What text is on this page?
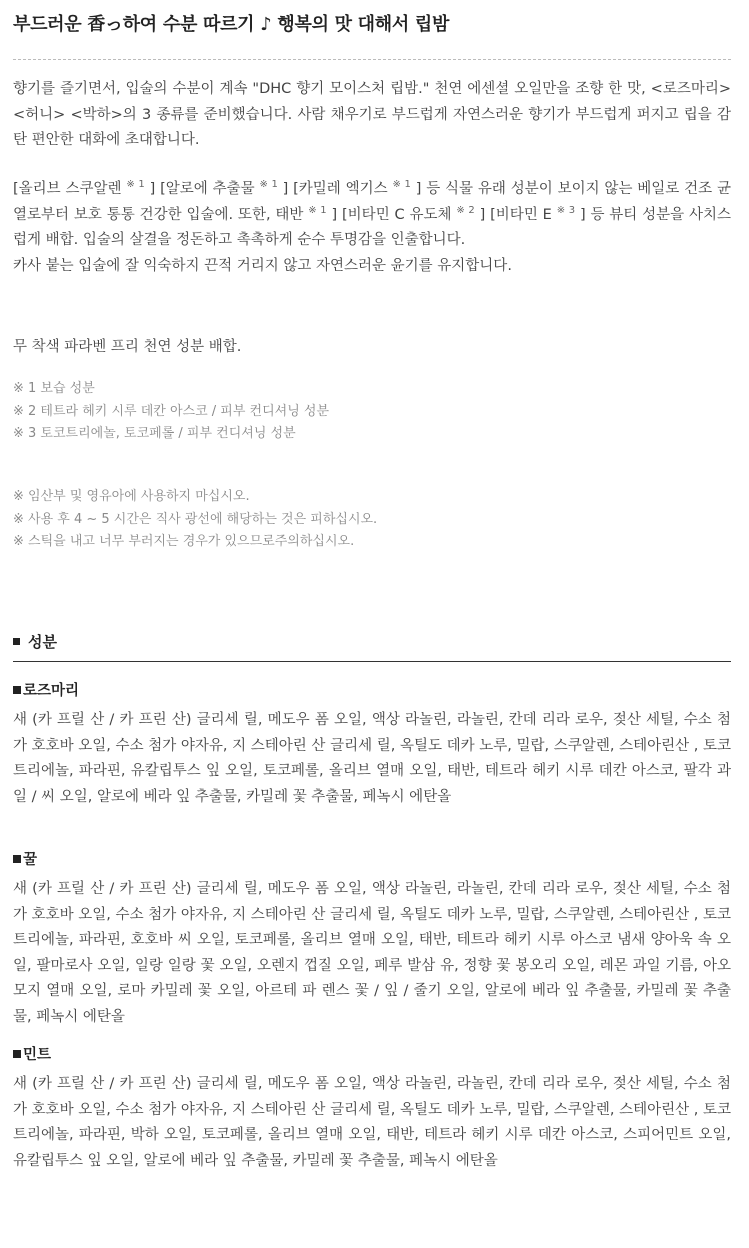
부드러운 香っ하여 수분 따르기 ♪ 행복의 맛 대해서 립밤

향기를 즐기면서, 입술의 수분이 계속 "DHC 향기 모이스처 립밤." 천연 에센셜 오일만을 조향 한 맛, <로즈마리> <허니> <박하>의 3 종류를 준비했습니다. 사람 채우기로 부드럽게 자연스러운 향기가 부드럽게 퍼지고 립을 감탄 편안한 대화에 초대합니다.

[올리브 스쿠알렌 $^{※ 1}$ ] [알로에 추출물 $^{※ 1}$ ] [카밀레 엑기스 $^{※ 1}$ ] 등 식물 유래 성분이 보이지 않는 베일로 건조 균열로부터 보호 통통 건강한 입술에. 또한, 태반 $^{※ 1}$ ] [비타민 C 유도체 $^{※ 2}$ ] [비타민 E $^{※ 3}$ ] 등 뷰티 성분을 사치스럽게 배합. 입술의 살결을 정돈하고 촉촉하게 순수 투명감을 인출합니다.

카사 붙는 입술에 잘 익숙하지 끈적 거리지 않고 자연스러운 윤기를 유지합니다.

무 착색 파라벤 프리 천연 성분 배합.

※ 1 보습 성분
※ 2 테트라 헤키 시루 데칸 아스코 / 피부 컨디셔닝 성분
※ 3 토코트리에놀, 토코페롤 / 피부 컨디셔닝 성분
※ 임산부 및 영유아에 사용하지 마십시오.
※ 사용 후 4 ~ 5 시간은 직사 광선에 해당하는 것은 피하십시오.
※ 스틱을 내고 너무 부러지는 경우가 있으므로주의하십시오.
성분
로즈마리
새 (카 프릴 산 / 카 프린 산) 글리세 릴, 메도우 폼 오일, 액상 라놀린, 라놀린, 칸데 리라 로우, 젖산 세틸, 수소 첨가 호호바 오일, 수소 첨가 야자유, 지 스테아린 산 글리세 릴, 옥틸도 데카 노루, 밀랍, 스쿠알렌, 스테아린산 , 토코트리에놀, 파라핀, 유칼립투스 잎 오일, 토코페롤, 올리브 열매 오일, 태반, 테트라 헤키 시루 데칸 아스코, 팔각 과일 / 씨 오일, 알로에 베라 잎 추출물, 카밀레 꽃 추출물, 페녹시 에탄올
꿀
새 (카 프릴 산 / 카 프린 산) 글리세 릴, 메도우 폼 오일, 액상 라놀린, 라놀린, 칸데 리라 로우, 젖산 세틸, 수소 첨가 호호바 오일, 수소 첨가 야자유, 지 스테아린 산 글리세 릴, 옥틸도 데카 노루, 밀랍, 스쿠알렌, 스테아린산 , 토코트리에놀, 파라핀, 호호바 씨 오일, 토코페롤, 올리브 열매 오일, 태반, 테트라 헤키 시루 아스코 냄새 양아욱 속 오일, 팔마로사 오일, 일랑 일랑 꽃 오일, 오렌지 껍질 오일, 페루 발삼 유, 정향 꽃 봉오리 오일, 레몬 과일 기름, 아오모지 열매 오일, 로마 카밀레 꽃 오일, 아르테 파 렌스 꽃 / 잎 / 줄기 오일, 알로에 베라 잎 추출물, 카밀레 꽃 추출물, 페녹시 에탄올
민트
새 (카 프릴 산 / 카 프린 산) 글리세 릴, 메도우 폼 오일, 액상 라놀린, 라놀린, 칸데 리라 로우, 젖산 세틸, 수소 첨가 호호바 오일, 수소 첨가 야자유, 지 스테아린 산 글리세 릴, 옥틸도 데카 노루, 밀랍, 스쿠알렌, 스테아린산 , 토코트리에놀, 파라핀, 박하 오일, 토코페롤, 올리브 열매 오일, 태반, 테트라 헤키 시루 데칸 아스코, 스피어민트 오일, 유칼립투스 잎 오일, 알로에 베라 잎 추출물, 카밀레 꽃 추출물, 페녹시 에탄올
